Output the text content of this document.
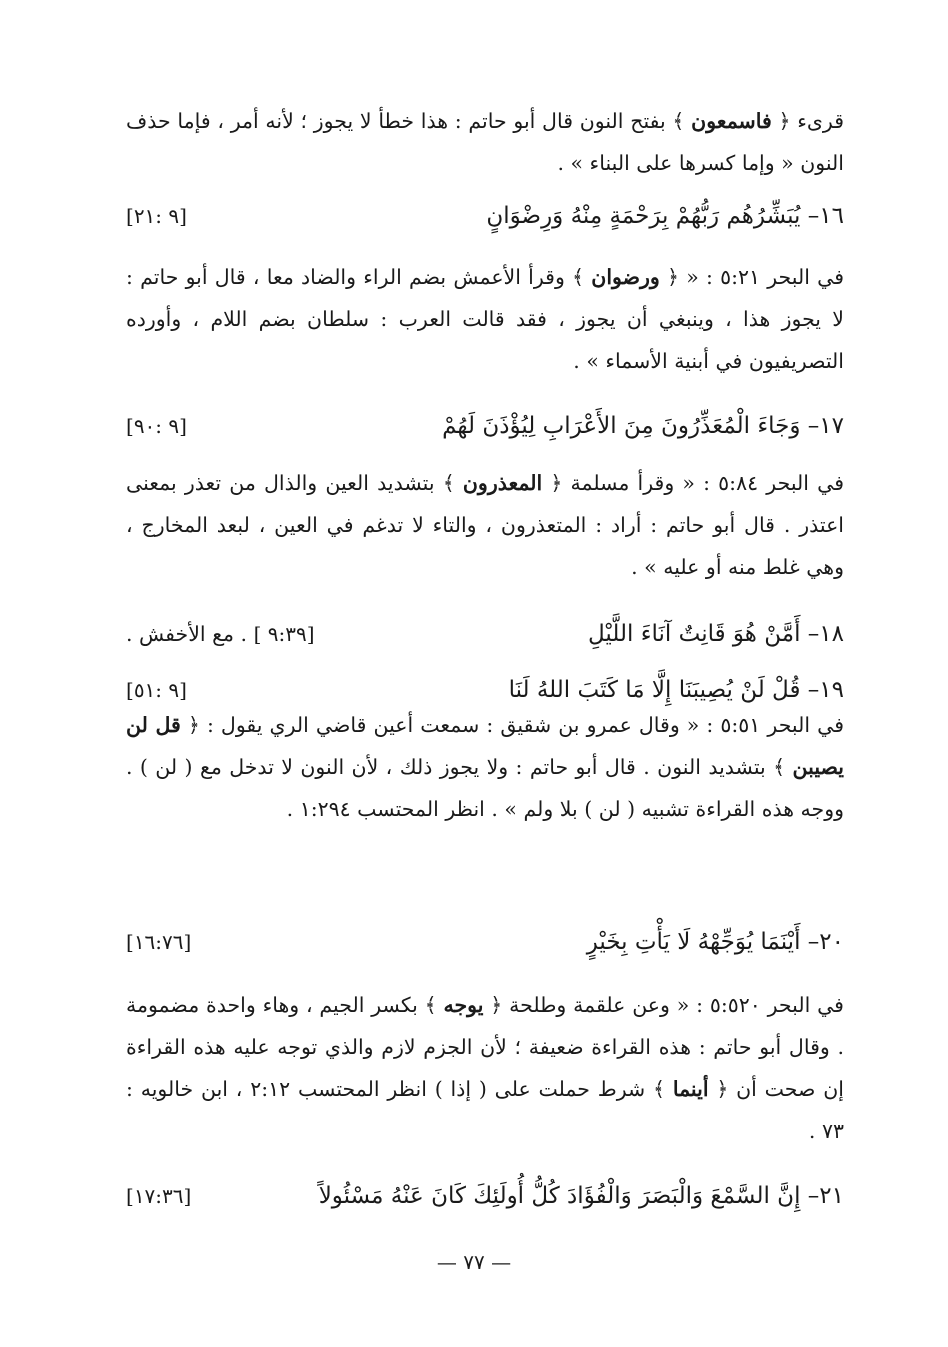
قرىء ﴿ فاسمعون ﴾ بفتح النون قال أبو حاتم : هذا خطأ لا يجوز ؛ لأنه أمر ، فإما حذف النون « وإما كسرها على البناء » .
١٦– يُبَشِّرُهُم رَبُّهُمْ بِرَحْمَةٍ مِنْهُ وَرِضْوَانٍ
[٩ :٢١]
في البحر ٥:٢١ : « ﴿ ورضوان ﴾ وقرأ الأعمش بضم الراء والضاد معا ، قال أبو حاتم : لا يجوز هذا ، وينبغي أن يجوز ، فقد قالت العرب : سلطان بضم اللام ، وأورده التصريفيون في أبنية الأسماء » .
١٧– وَجَاءَ الْمُعَذِّرُونَ مِنَ الأَعْرَابِ لِيُؤْذَنَ لَهُمْ
[٩ :٩٠]
في البحر ٥:٨٤ : « وقرأ مسلمة ﴿ المعذرون ﴾ بتشديد العين والذال من تعذر بمعنى اعتذر . قال أبو حاتم : أراد : المتعذرون ، والتاء لا تدغم في العين ، لبعد المخارج ، وهي غلط منه أو عليه » .
١٨– أَمَّنْ هُوَ قَانِتٌ آنَاءَ اللَّيْلِ
[٩:٣٩ ] . مع الأخفش .
١٩– قُلْ لَنْ يُصِيبَنَا إِلَّا مَا كَتَبَ اللهُ لَنَا
[٩ :٥١]
في البحر ٥:٥١ : « وقال عمرو بن شقيق : سمعت أعين قاضي الري يقول : ﴿ قل لن يصيبن ﴾ بتشديد النون . قال أبو حاتم : ولا يجوز ذلك ، لأن النون لا تدخل مع ( لن ) . ووجه هذه القراءة تشبيه ( لن ) بلا ولم » . انظر المحتسب ١:٢٩٤ .
٢٠– أَيْنَمَا يُوَجِّهْهُ لَا يَأْتِ بِخَيْرٍ
[١٦:٧٦]
في البحر ٥:٥٢٠ : « وعن علقمة وطلحة ﴿ يوجه ﴾ بكسر الجيم ، وهاء واحدة مضمومة . وقال أبو حاتم : هذه القراءة ضعيفة ؛ لأن الجزم لازم والذي توجه عليه هذه القراءة إن صحت أن ﴿ أينما ﴾ شرط حملت على ( إذا ) انظر المحتسب ٢:١٢ ، ابن خالويه : ٧٣ .
٢١– إِنَّ السَّمْعَ وَالْبَصَرَ وَالْفُؤَادَ كُلُّ أُولَئِكَ كَانَ عَنْهُ مَسْئُولاً
[١٧:٣٦]
— ٧٧ —
